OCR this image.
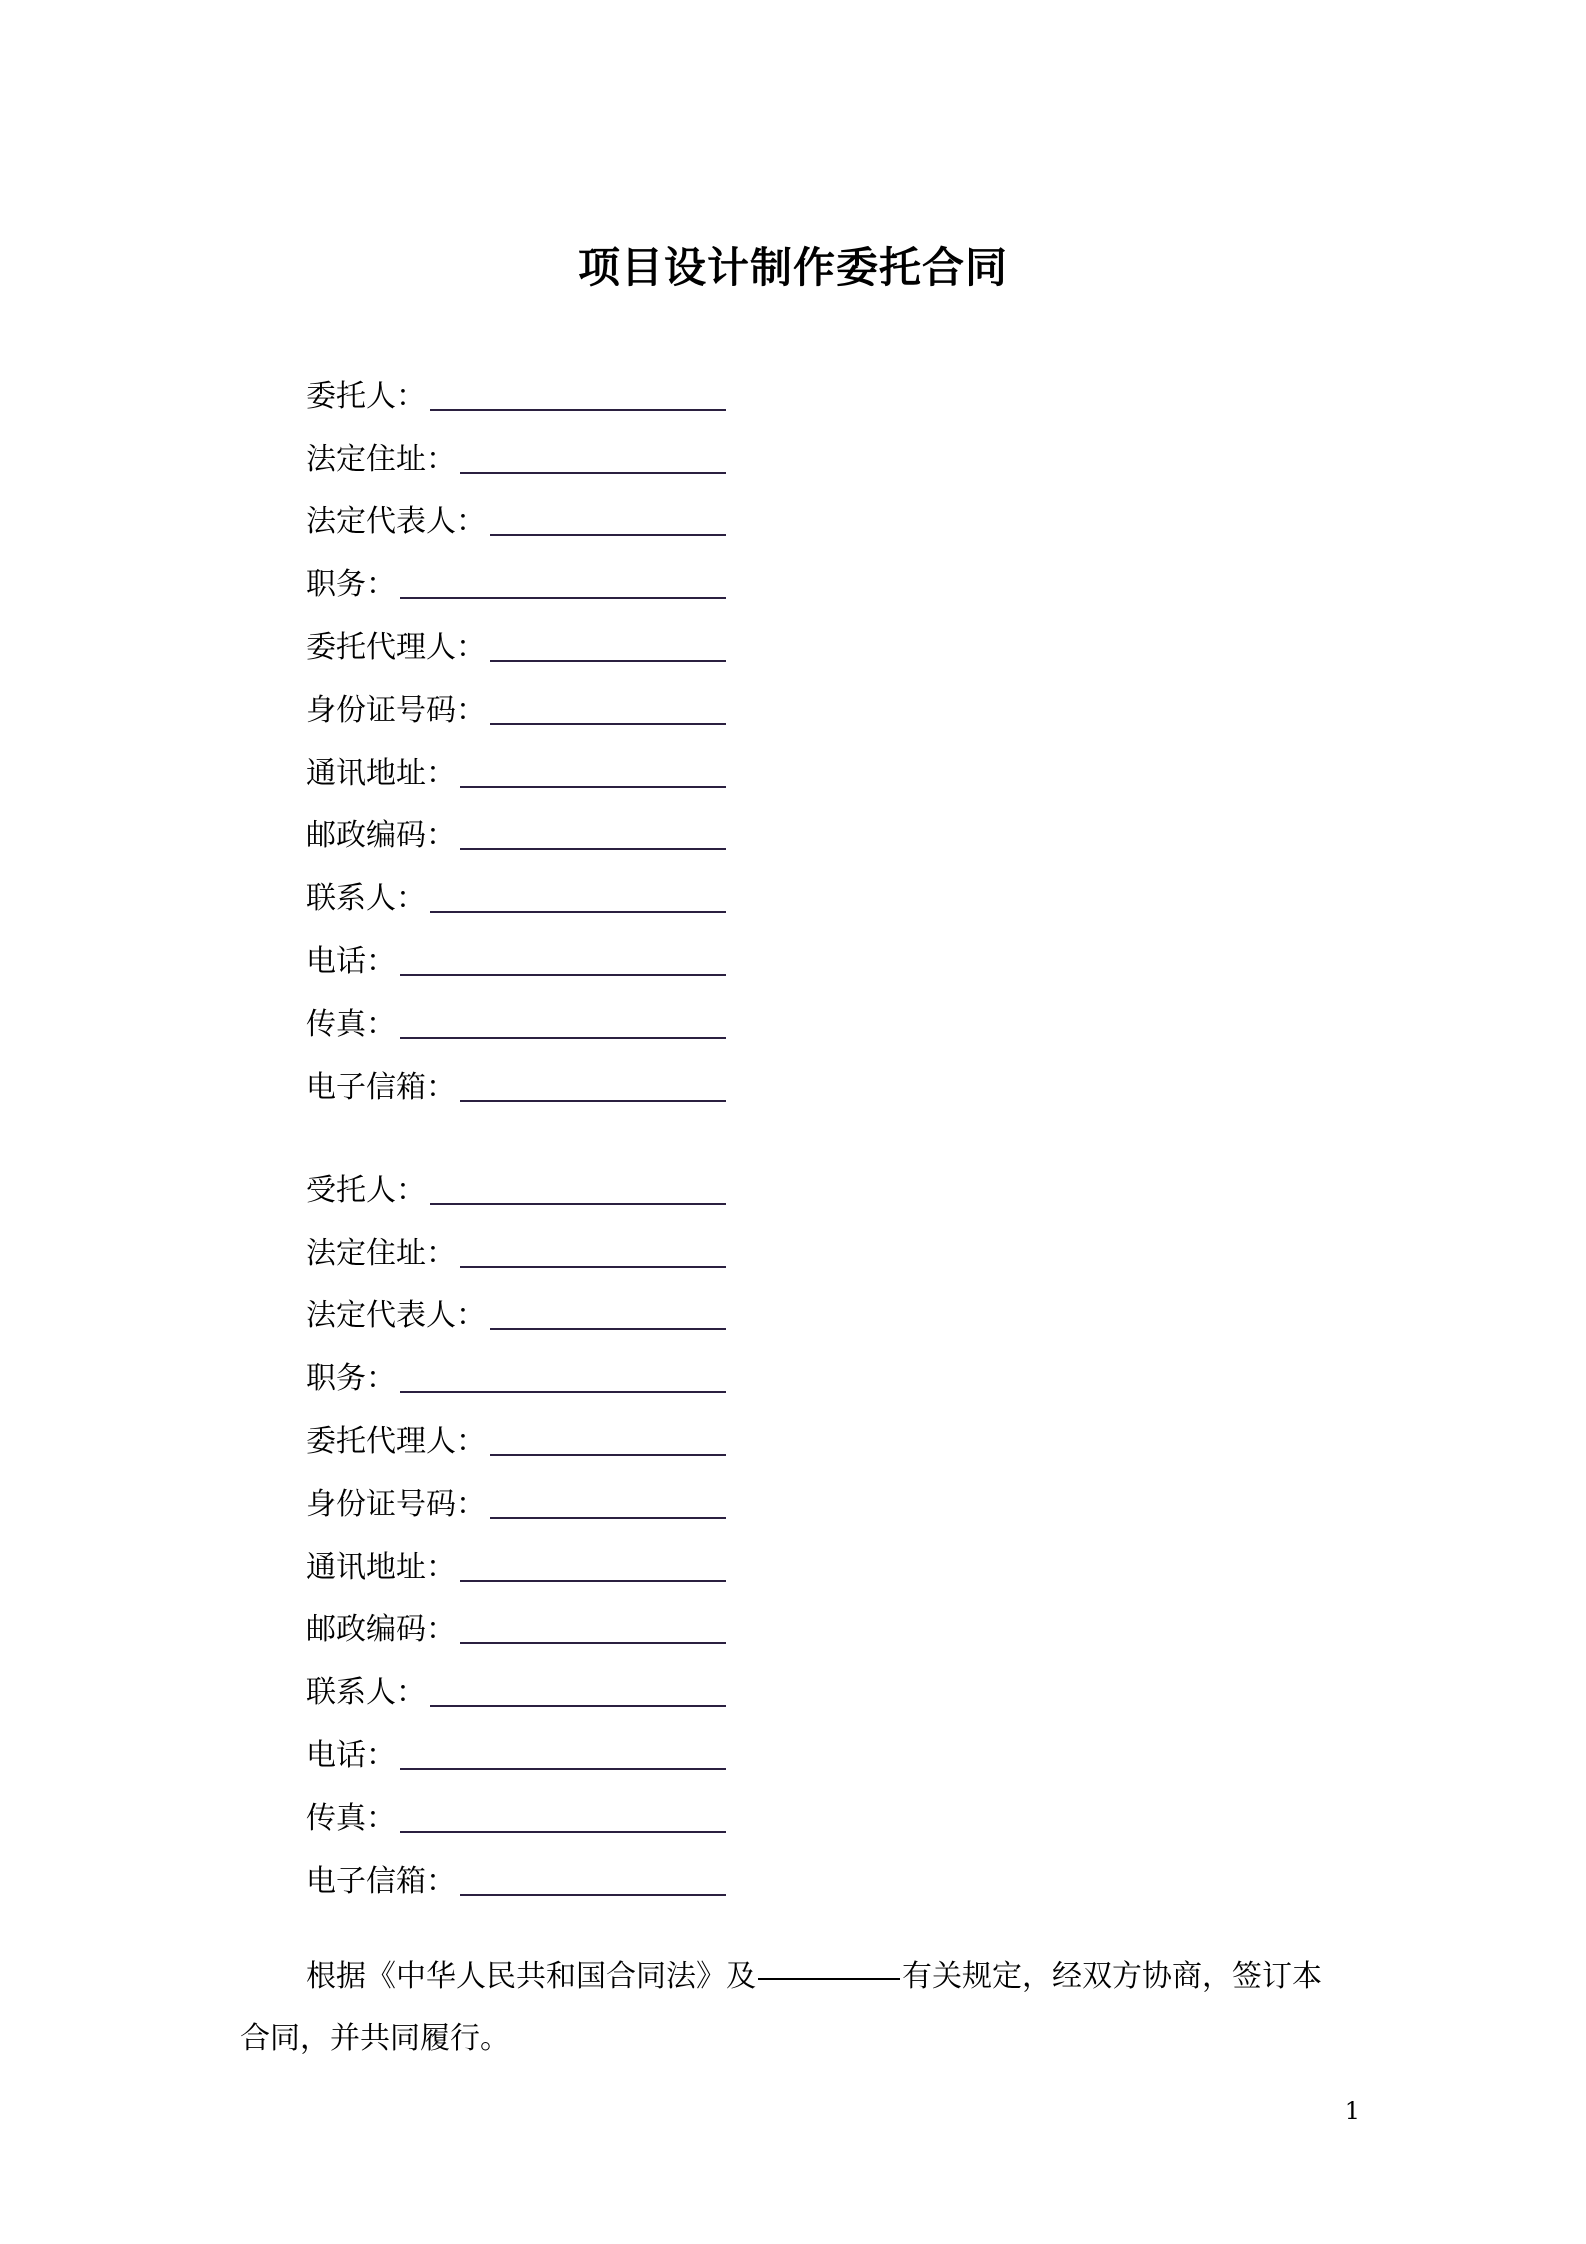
项目设计制作委托合同
委托人：
法定住址：
法定代表人：
职务：
委托代理人：
身份证号码：
通讯地址：
邮政编码：
联系人：
电话：
传真：
电子信箱：
受托人：
法定住址：
法定代表人：
职务：
委托代理人：
身份证号码：
通讯地址：
邮政编码：
联系人：
电话：
传真：
电子信箱：
根据《中华人民共和国合同法》及	有关规定，经双方协商，签订本合同，并共同履行。
1
